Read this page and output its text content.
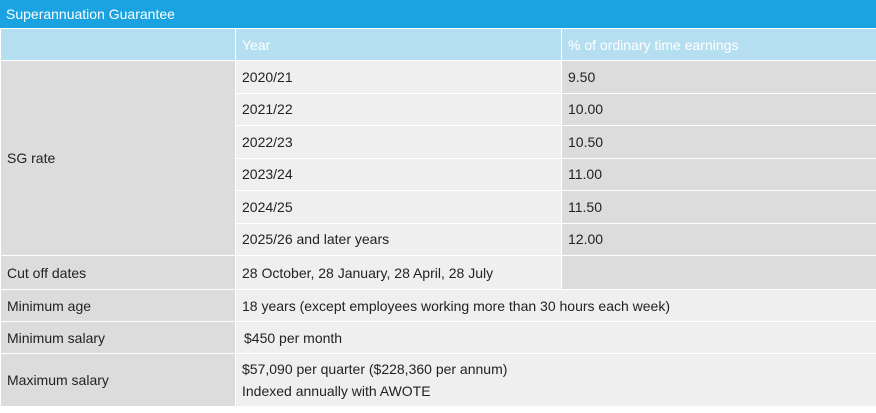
Superannuation Guarantee
	Year	% of ordinary time earnings
SG rate	2020/21	9.50
	2021/22	10.00
	2022/23	10.50
	2023/24	11.00
	2024/25	11.50
	2025/26 and later years	12.00
Cut off dates	28 October, 28 January, 28 April, 28 July	
Minimum age	18 years (except employees working more than 30 hours each week)	
Minimum salary	$450 per month	
Maximum salary	$57,090 per quarter ($228,360 per annum)
Indexed annually with AWOTE	
